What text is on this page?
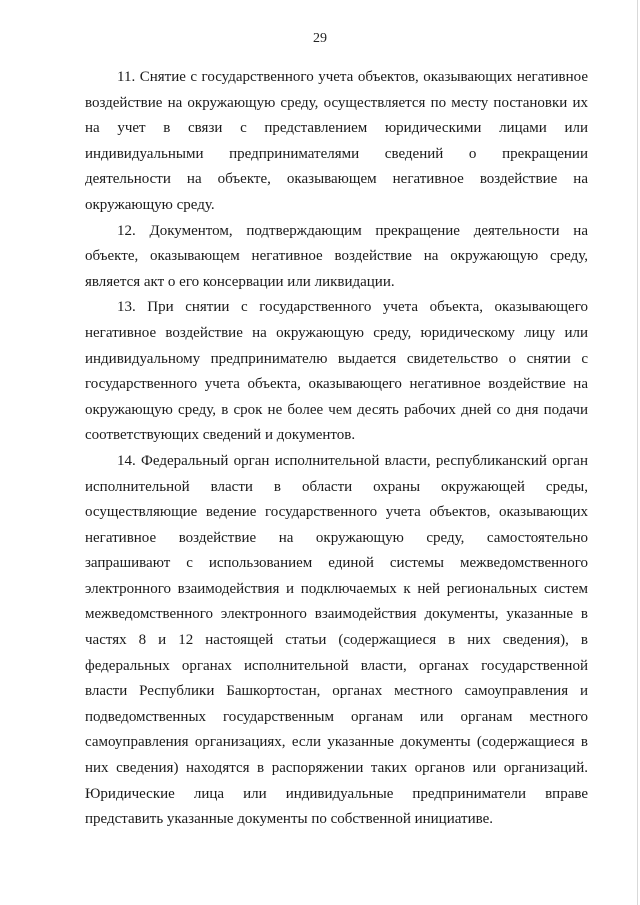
29
11. Снятие с государственного учета объектов, оказывающих негативное
воздействие на окружающую среду, осуществляется по месту постановки их
на учет в связи с представлением юридическими лицами или
индивидуальными предпринимателями сведений о прекращении
деятельности на объекте, оказывающем негативное воздействие на
окружающую среду.
12. Документом, подтверждающим прекращение деятельности на
объекте, оказывающем негативное воздействие на окружающую среду,
является акт о его консервации или ликвидации.
13. При снятии с государственного учета объекта, оказывающего
негативное воздействие на окружающую среду, юридическому лицу или
индивидуальному предпринимателю выдается свидетельство о снятии с
государственного учета объекта, оказывающего негативное воздействие на
окружающую среду, в срок не более чем десять рабочих дней со дня подачи
соответствующих сведений и документов.
14. Федеральный орган исполнительной власти, республиканский орган
исполнительной власти в области охраны окружающей среды,
осуществляющие ведение государственного учета объектов, оказывающих
негативное воздействие на окружающую среду, самостоятельно
запрашивают с использованием единой системы межведомственного
электронного взаимодействия и подключаемых к ней региональных систем
межведомственного электронного взаимодействия документы, указанные в
частях 8 и 12 настоящей статьи (содержащиеся в них сведения), в
федеральных органах исполнительной власти, органах государственной
власти Республики Башкортостан, органах местного самоуправления и
подведомственных государственным органам или органам местного
самоуправления организациях, если указанные документы (содержащиеся в
них сведения) находятся в распоряжении таких органов или организаций.
Юридические лица или индивидуальные предприниматели вправе
представить указанные документы по собственной инициативе.
